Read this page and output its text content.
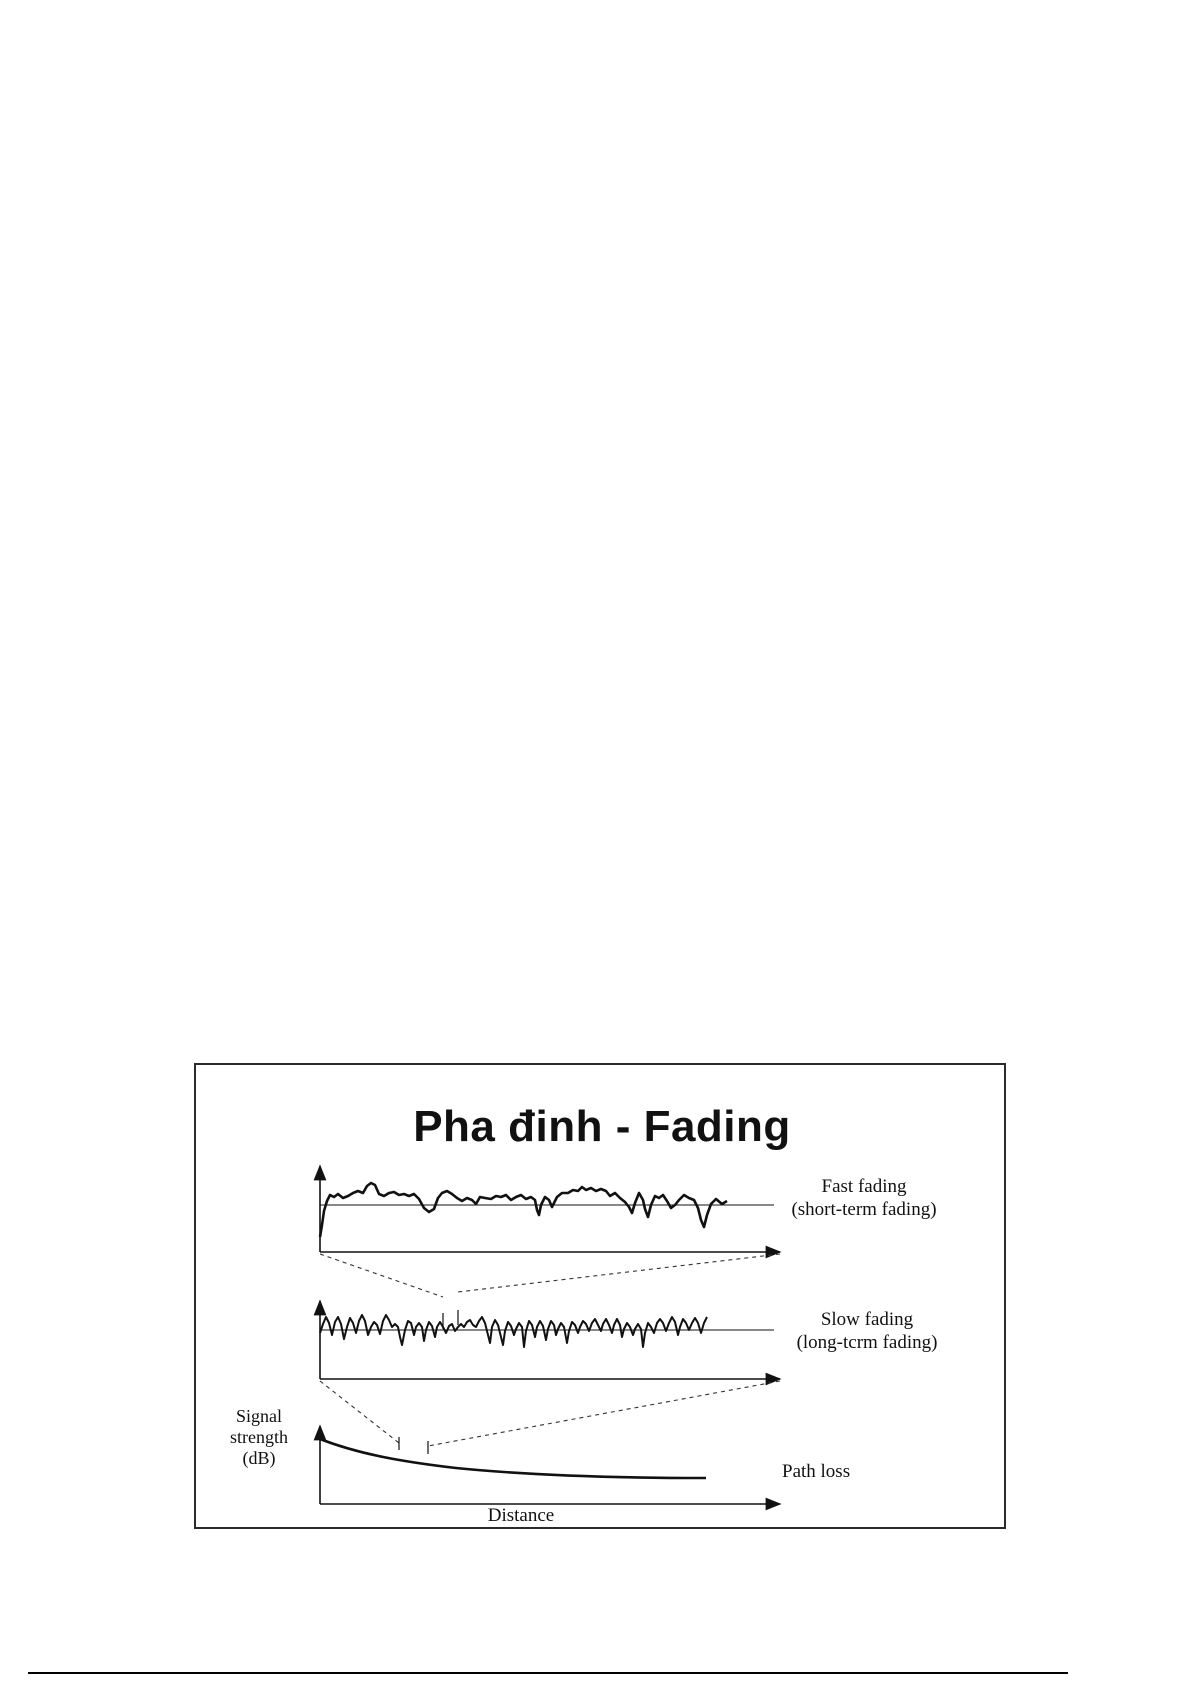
Pha đinh - Fading
Fast fading
(short-term fading)
Slow fading
(long-tcrm fading)
Path loss
Signal
strength
(dB)
Distance
